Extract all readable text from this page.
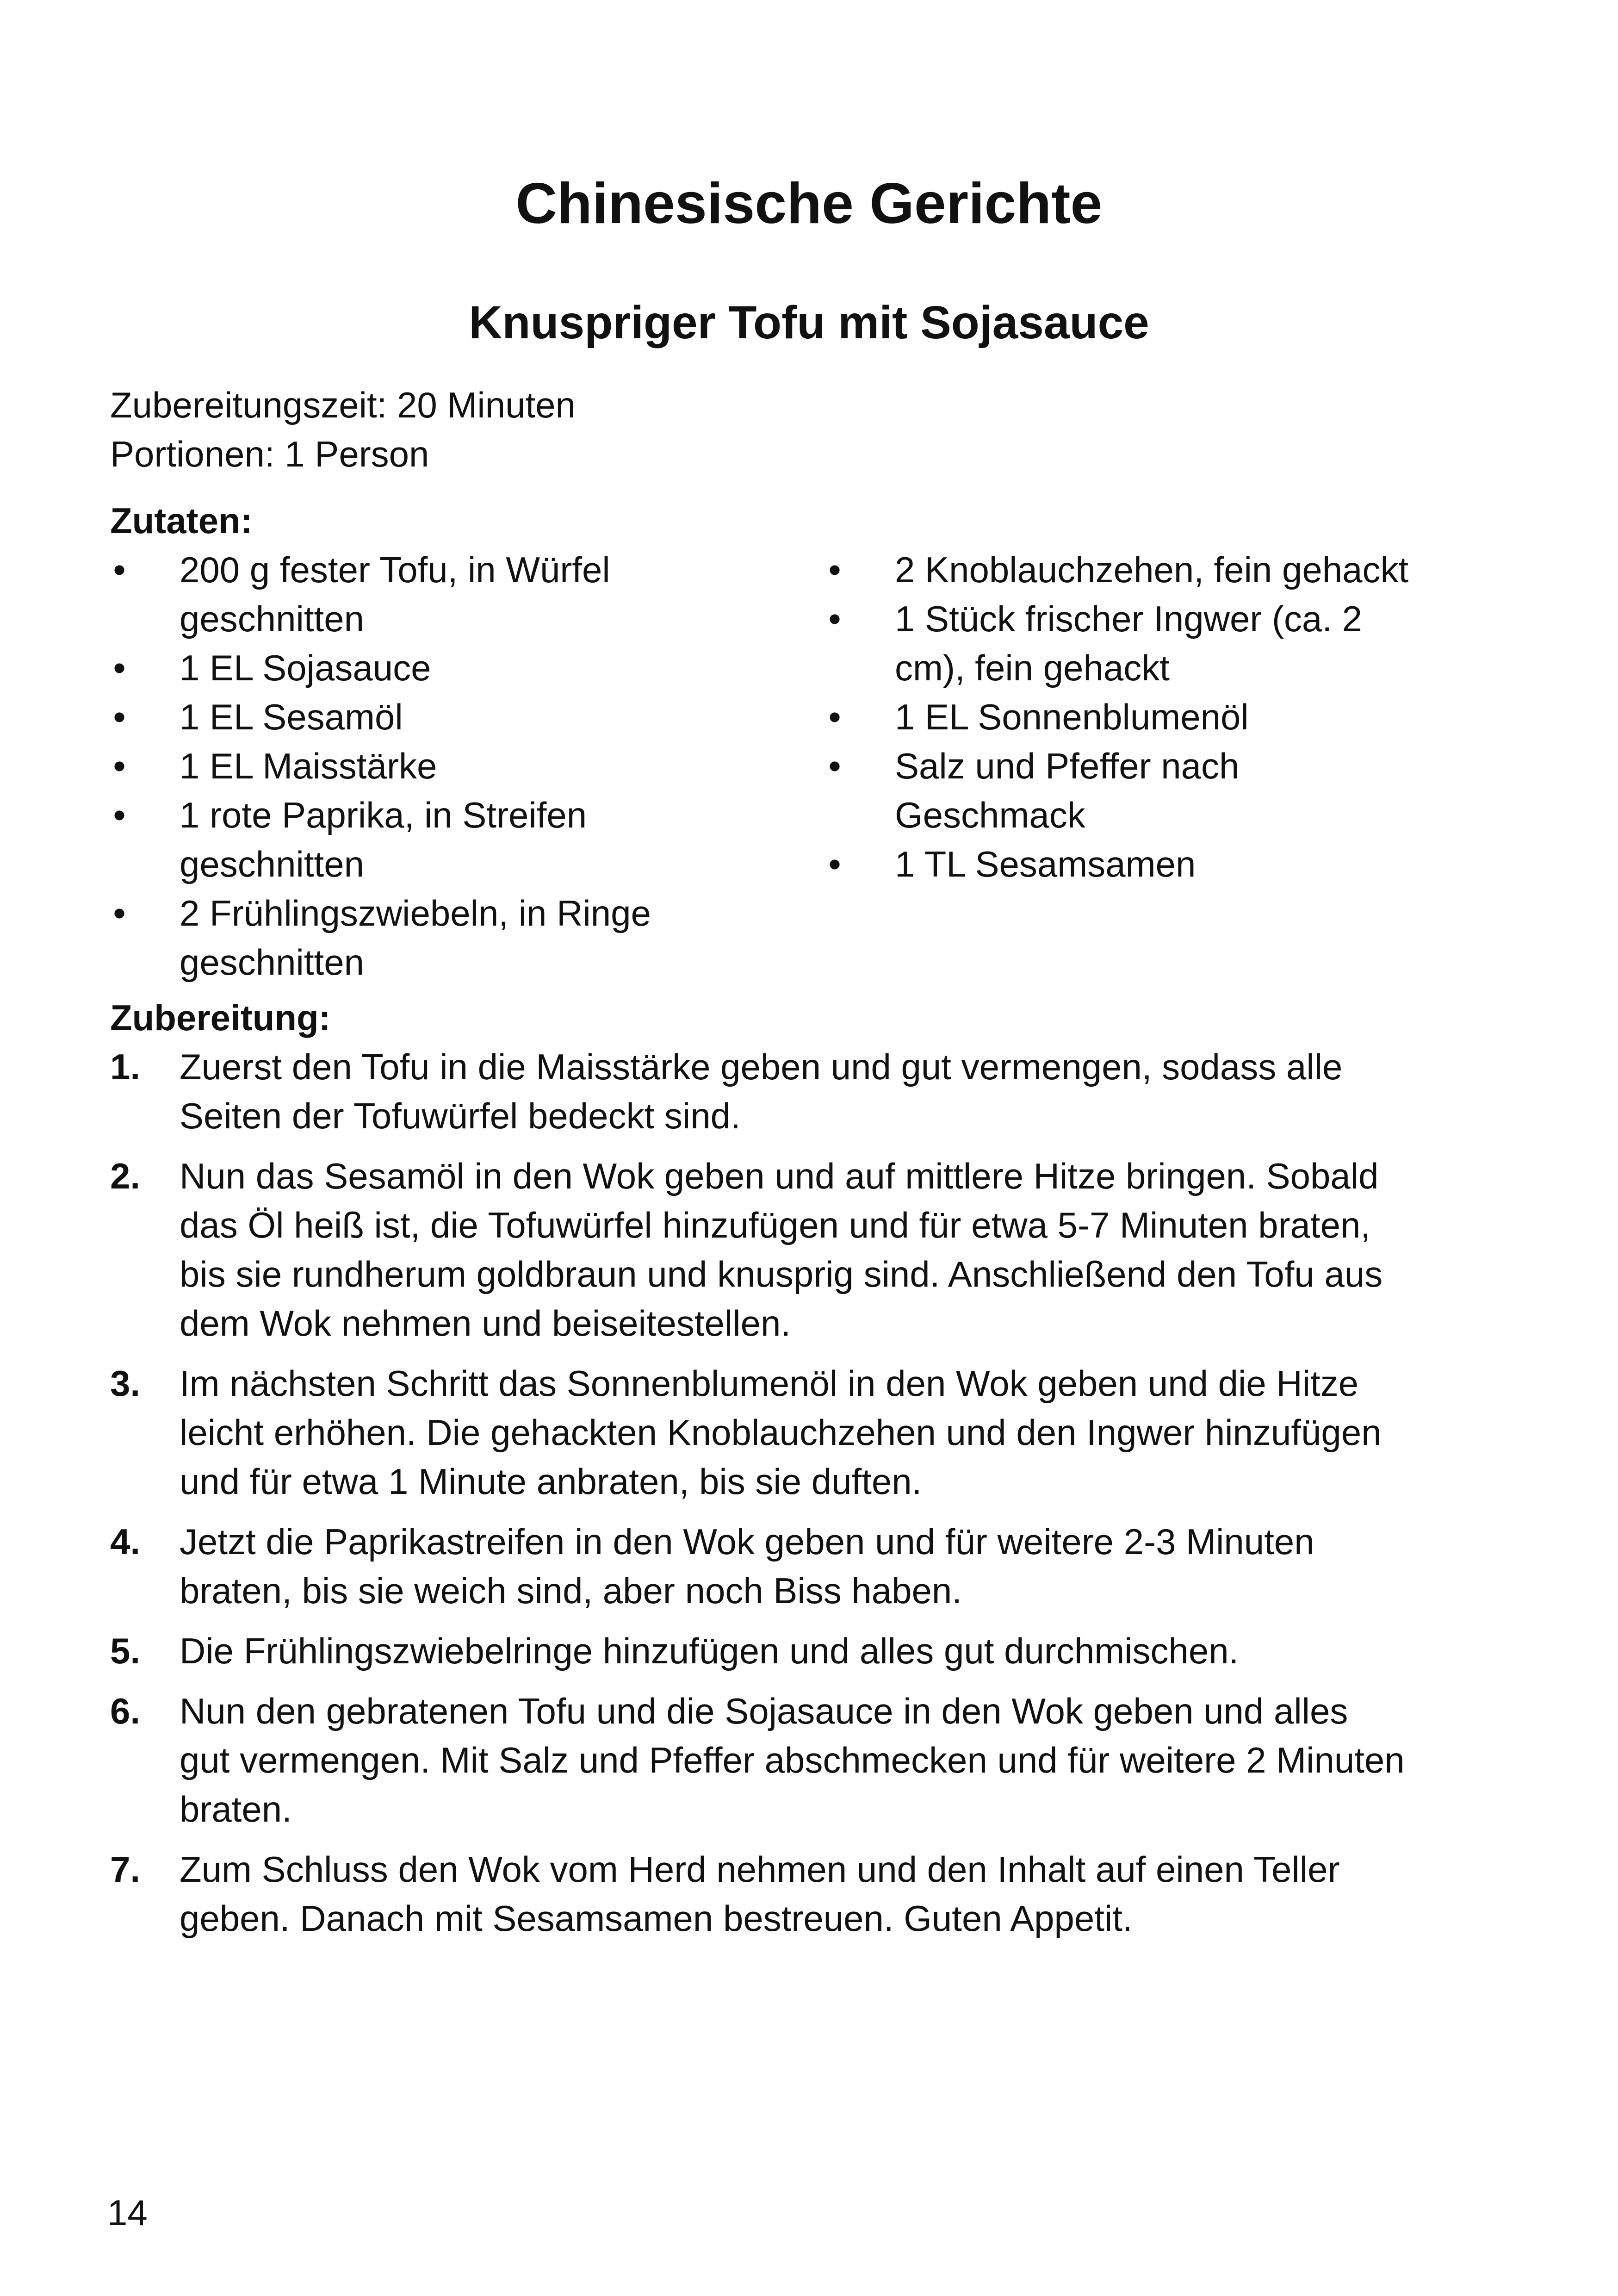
Chinesische Gerichte
Knuspriger Tofu mit Sojasauce
Zubereitungszeit: 20 Minuten
Portionen: 1 Person
Zutaten:
• 200 g fester Tofu, in Würfel geschnitten
• 1 EL Sojasauce
• 1 EL Sesamöl
• 1 EL Maisstärke
• 1 rote Paprika, in Streifen geschnitten
• 2 Frühlingszwiebeln, in Ringe geschnitten
• 2 Knoblauchzehen, fein gehackt
• 1 Stück frischer Ingwer (ca. 2 cm), fein gehackt
• 1 EL Sonnenblumenöl
• Salz und Pfeffer nach Geschmack
• 1 TL Sesamsamen
Zubereitung:
1. Zuerst den Tofu in die Maisstärke geben und gut vermengen, sodass alle Seiten der Tofuwürfel bedeckt sind.
2. Nun das Sesamöl in den Wok geben und auf mittlere Hitze bringen. Sobald das Öl heiß ist, die Tofuwürfel hinzufügen und für etwa 5-7 Minuten braten, bis sie rundherum goldbraun und knusprig sind. Anschließend den Tofu aus dem Wok nehmen und beiseitestellen.
3. Im nächsten Schritt das Sonnenblumenöl in den Wok geben und die Hitze leicht erhöhen. Die gehackten Knoblauchzehen und den Ingwer hinzufügen und für etwa 1 Minute anbraten, bis sie duften.
4. Jetzt die Paprikastreifen in den Wok geben und für weitere 2-3 Minuten braten, bis sie weich sind, aber noch Biss haben.
5. Die Frühlingszwiebelringe hinzufügen und alles gut durchmischen.
6. Nun den gebratenen Tofu und die Sojasauce in den Wok geben und alles gut vermengen. Mit Salz und Pfeffer abschmecken und für weitere 2 Minuten braten.
7. Zum Schluss den Wok vom Herd nehmen und den Inhalt auf einen Teller geben. Danach mit Sesamsamen bestreuen. Guten Appetit.
14
